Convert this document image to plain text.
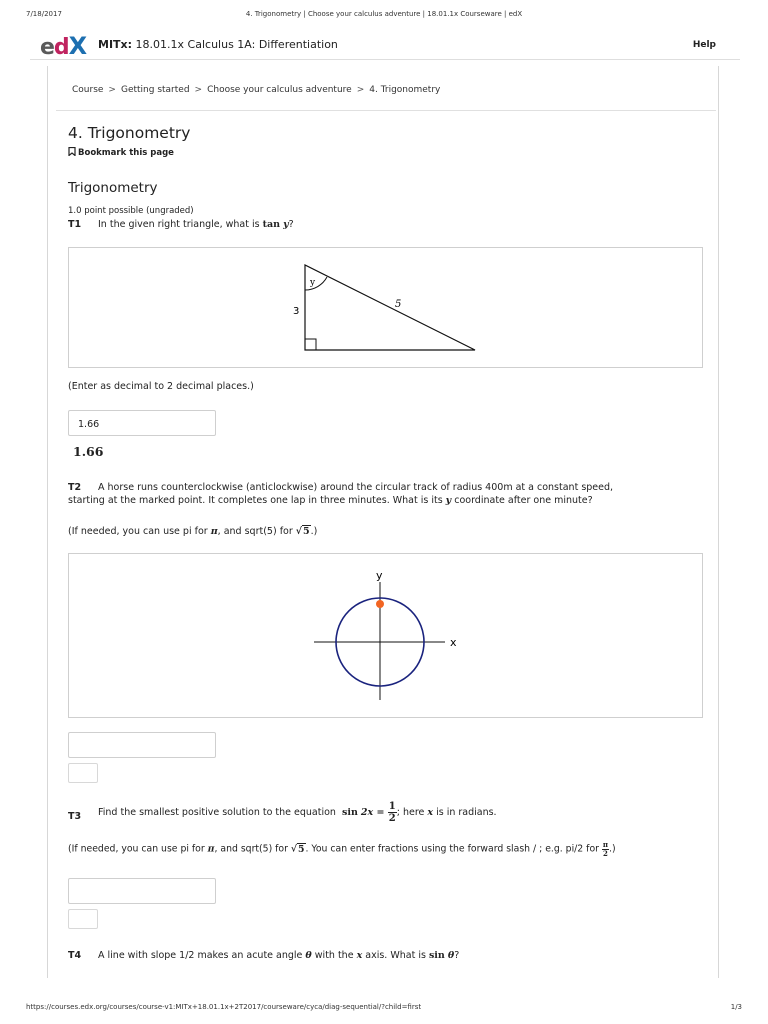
7/18/2017	4. Trigonometry | Choose your calculus adventure | 18.01.1x Courseware | edX
edX MITx: 18.01.1x Calculus 1A: Differentiation	Help
Course > Getting started > Choose your calculus adventure > 4. Trigonometry
4. Trigonometry
Bookmark this page
Trigonometry
1.0 point possible (ungraded)
T1 In the given right triangle, what is tan y?
y
3
5
(Enter as decimal to 2 decimal places.)
1.66
1.66
T2 A horse runs counterclockwise (anticlockwise) around the circular track of radius 400m at a constant speed,
starting at the marked point. It completes one lap in three minutes. What is its y coordinate after one minute?
(If needed, you can use pi for π, and sqrt(5) for √5.)
y
x
T3 Find the smallest positive solution to the equation  $\sin 2x = \frac{1}{2}$ ; here x is in radians.
(If needed, you can use pi for π, and sqrt(5) for √5. You can enter fractions using the forward slash / ; e.g. pi/2 for $\frac{\pi}{2}$ .)
T4 A line with slope 1/2 makes an acute angle θ with the x axis. What is sin θ?
https://courses.edx.org/courses/course-v1:MITx+18.01.1x+2T2017/courseware/cyca/diag-sequential/?child=first	1/3
